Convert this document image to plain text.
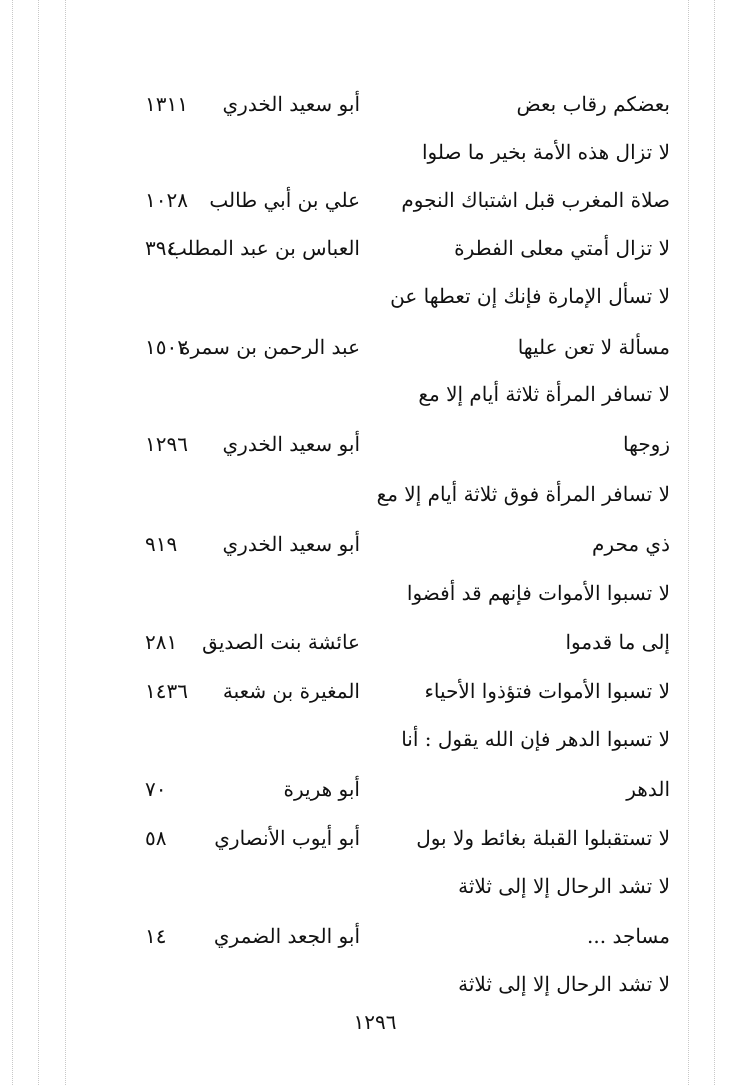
بعضكم رقاب بعض
أبو سعيد الخدري
١٣١١
لا تزال هذه الأمة بخير ما صلوا
صلاة المغرب قبل اشتباك النجوم
علي بن أبي طالب
١٠٢٨
لا تزال أمتي معلى الفطرة
العباس بن عبد المطلب
٣٩٤
لا تسأل الإمارة فإنك إن تعطها عن
مسألة لا تعن عليها
عبد الرحمن بن سمرة
١٥٠٢
لا تسافر المرأة ثلاثة أيام إلا مع
زوجها
أبو سعيد الخدري
١٢٩٦
لا تسافر المرأة فوق ثلاثة أيام إلا مع
ذي محرم
أبو سعيد الخدري
٩١٩
لا تسبوا الأموات فإنهم قد أفضوا
إلى ما قدموا
عائشة بنت الصديق
٢٨١
لا تسبوا الأموات فتؤذوا الأحياء
المغيرة بن شعبة
١٤٣٦
لا تسبوا الدهر فإن الله يقول : أنا
الدهر
أبو هريرة
٧٠
لا تستقبلوا القبلة بغائط ولا بول
أبو أيوب الأنصاري
٥٨
لا تشد الرحال إلا إلى ثلاثة
مساجد ...
أبو الجعد الضمري
١٤
لا تشد الرحال إلا إلى ثلاثة
١٢٩٦
